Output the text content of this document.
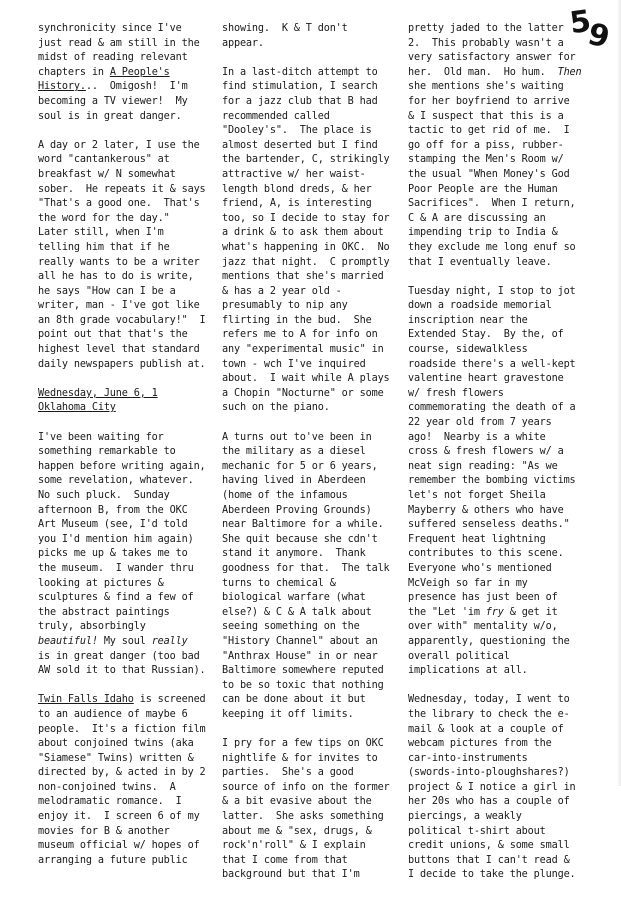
5
9

synchronicity since I've
just read & am still in the
midst of reading relevant
chapters in A People's
History...  Omigosh!  I'm
becoming a TV viewer!  My
soul is in great danger.

A day or 2 later, I use the
word "cantankerous" at
breakfast w/ N somewhat
sober.  He repeats it & says
"That's a good one.  That's
the word for the day."
Later still, when I'm
telling him that if he
really wants to be a writer
all he has to do is write,
he says "How can I be a
writer, man - I've got like
an 8th grade vocabulary!"  I
point out that that's the
highest level that standard
daily newspapers publish at.

Wednesday, June 6, 1
Oklahoma City

I've been waiting for
something remarkable to
happen before writing again,
some revelation, whatever.
No such pluck.  Sunday
afternoon B, from the OKC
Art Museum (see, I'd told
you I'd mention him again)
picks me up & takes me to
the museum.  I wander thru
looking at pictures &
sculptures & find a few of
the abstract paintings
truly, absorbingly
beautiful! My soul really
is in great danger (too bad
AW sold it to that Russian).

Twin Falls Idaho is screened
to an audience of maybe 6
people.  It's a fiction film
about conjoined twins (aka
"Siamese" Twins) written &
directed by, & acted in by 2
non-conjoined twins.  A
melodramatic romance.  I
enjoy it.  I screen 6 of my
movies for B & another
museum official w/ hopes of
arranging a future public

showing.  K & T don't
appear.

In a last-ditch attempt to
find stimulation, I search
for a jazz club that B had
recommended called
"Dooley's".  The place is
almost deserted but I find
the bartender, C, strikingly
attractive w/ her waist-
length blond dreds, & her
friend, A, is interesting
too, so I decide to stay for
a drink & to ask them about
what's happening in OKC.  No
jazz that night.  C promptly
mentions that she's married
& has a 2 year old -
presumably to nip any
flirting in the bud.  She
refers me to A for info on
any "experimental music" in
town - wch I've inquired
about.  I wait while A plays
a Chopin "Nocturne" or some
such on the piano.

A turns out to've been in
the military as a diesel
mechanic for 5 or 6 years,
having lived in Aberdeen
(home of the infamous
Aberdeen Proving Grounds)
near Baltimore for a while.
She quit because she cdn't
stand it anymore.  Thank
goodness for that.  The talk
turns to chemical &
biological warfare (what
else?) & C & A talk about
seeing something on the
"History Channel" about an
"Anthrax House" in or near
Baltimore somewhere reputed
to be so toxic that nothing
can be done about it but
keeping it off limits.

I pry for a few tips on OKC
nightlife & for invites to
parties.  She's a good
source of info on the former
& a bit evasive about the
latter.  She asks something
about me & "sex, drugs, &
rock'n'roll" & I explain
that I come from that
background but that I'm

pretty jaded to the latter
2.  This probably wasn't a
very satisfactory answer for
her.  Old man.  Ho hum.  Then
she mentions she's waiting
for her boyfriend to arrive
& I suspect that this is a
tactic to get rid of me.  I
go off for a piss, rubber-
stamping the Men's Room w/
the usual "When Money's God
Poor People are the Human
Sacrifices".  When I return,
C & A are discussing an
impending trip to India &
they exclude me long enuf so
that I eventually leave.

Tuesday night, I stop to jot
down a roadside memorial
inscription near the
Extended Stay.  By the, of
course, sidewalkless
roadside there's a well-kept
valentine heart gravestone
w/ fresh flowers
commemorating the death of a
22 year old from 7 years
ago!  Nearby is a white
cross & fresh flowers w/ a
neat sign reading: "As we
remember the bombing victims
let's not forget Sheila
Mayberry & others who have
suffered senseless deaths."
Frequent heat lightning
contributes to this scene.
Everyone who's mentioned
McVeigh so far in my
presence has just been of
the "Let 'im fry & get it
over with" mentality w/o,
apparently, questioning the
overall political
implications at all.

Wednesday, today, I went to
the library to check the e-
mail & look at a couple of
webcam pictures from the
car-into-instruments
(swords-into-ploughshares?)
project & I notice a girl in
her 20s who has a couple of
piercings, a weakly
political t-shirt about
credit unions, & some small
buttons that I can't read &
I decide to take the plunge.
